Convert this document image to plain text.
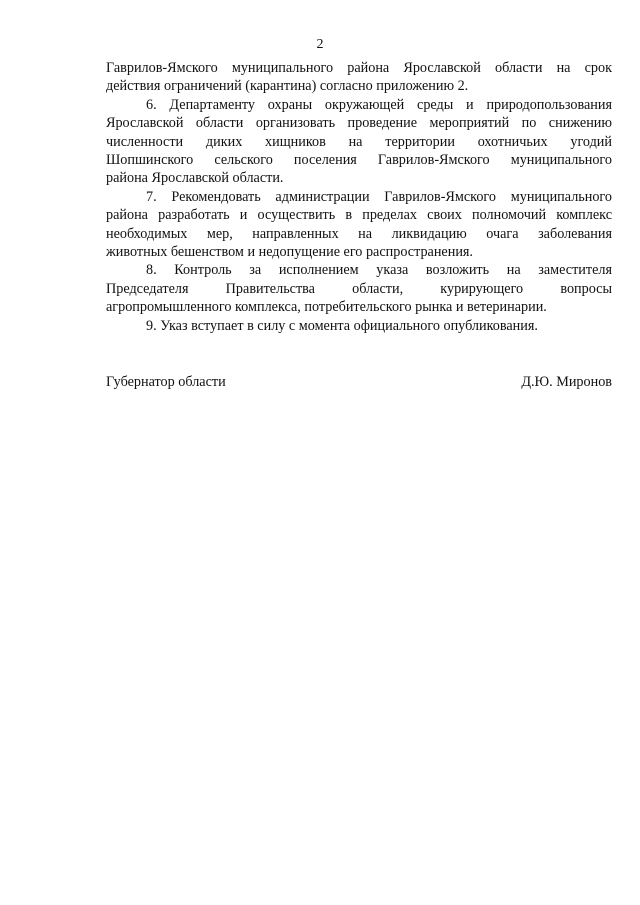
2
Гаврилов-Ямского муниципального района Ярославской области на срок
действия ограничений (карантина) согласно приложению 2.
6. Департаменту охраны окружающей среды и природопользования
Ярославской области организовать проведение мероприятий по снижению
численности диких хищников на территории охотничьих угодий
Шопшинского сельского поселения Гаврилов-Ямского муниципального
района Ярославской области.
7. Рекомендовать администрации Гаврилов-Ямского муниципального
района разработать и осуществить в пределах своих полномочий комплекс
необходимых мер, направленных на ликвидацию очага заболевания
животных бешенством и недопущение его распространения.
8. Контроль за исполнением указа возложить на заместителя
Председателя Правительства области, курирующего вопросы
агропромышленного комплекса, потребительского рынка и ветеринарии.
9. Указ вступает в силу с момента официального опубликования.
Губернатор области	Д.Ю. Миронов
